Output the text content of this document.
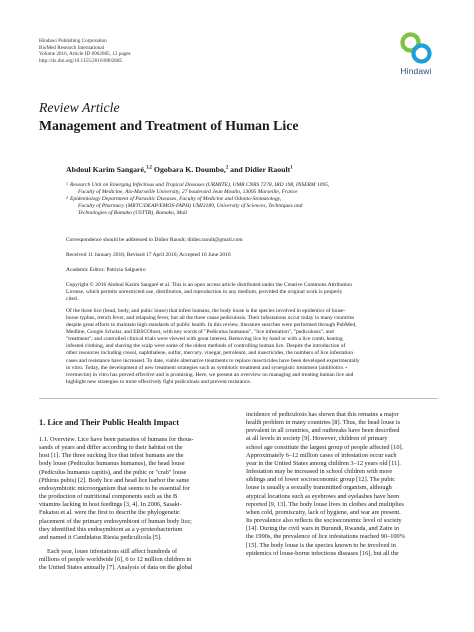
Hindawi Publishing Corporation
BioMed Research International
Volume 2016, Article ID 8962685, 12 pages
http://dx.doi.org/10.1155/2016/8962685
Hindawi
Review Article
Management and Treatment of Human Lice
Abdoul Karim Sangaré,$^{1,2}$ Ogobara K. Doumbo,$^2$ and Didier Raoult$^1$
1 Research Unit on Emerging Infectious and Tropical Diseases (URMITE), UMR CNRS 7278, IRD 198, INSERM 1095,
Faculty of Medicine, Aix-Marseille University, 27 boulevard Jean Moulin, 13005 Marseille, France
2 Epidemiology Department of Parasitic Diseases, Faculty of Medicine and Odonto-Stomatology,
Faculty of Pharmacy (MRTC/DEAP/EMOS-FAPH) UMI3189, University of Sciences, Techniques and
Technologies of Bamako (USTTB), Bamako, Mali
Correspondence should be addressed to Didier Raoult; didier.raoult@gmail.com
Received 11 January 2016; Revised 17 April 2016; Accepted 16 June 2016
Academic Editor: Patricia Salgueiro
Copyright © 2016 Abdoul Karim Sangaré et al. This is an open access article distributed under the Creative Commons Attribution
License, which permits unrestricted use, distribution, and reproduction in any medium, provided the original work is properly
cited.
Of the three lice (head, body, and pubic louse) that infest humans, the body louse is the species involved in epidemics of louse-
borne typhus, trench fever, and relapsing fever, but all the three cause pediculosis. Their infestations occur today in many countries
despite great efforts to maintain high standards of public health. In this review, literature searches were performed through PubMed,
Medline, Google Scholar, and EBSCOhost, with key words of "Pediculus humanus", "lice infestation", "pediculosis", and
"treatment"; and controlled clinical trials were viewed with great interest. Removing lice by hand or with a lice comb, heating
infested clothing, and shaving the scalp were some of the oldest methods of controlling human lice. Despite the introduction of
other resources including cresol, naphthalene, sulfur, mercury, vinegar, petroleum, and insecticides, the numbers of lice infestation
cases and resistance have increased. To date, viable alternative treatments to replace insecticides have been developed experimentally
in vitro. Today, the development of new treatment strategies such as symbiotic treatment and synergistic treatment (antibiotics +
ivermectin) in vitro has proved effective and is promising. Here, we present an overview on managing and treating human lice and
highlight new strategies to more effectively fight pediculosis and prevent resistance.
1. Lice and Their Public Health Impact
1.1. Overview. Lice have been parasites of humans for thous-
sands of years and differ according to their habitat on the
host [1]. The three sucking lice that infest humans are the
body louse (Pediculus humanus humanus), the head louse
(Pediculus humanus capitis), and the pubic or "crab" louse
(Pthirus pubis) [2]. Body lice and head lice harbor the same
endosymbiotic microorganism that seems to be essential for
the production of nutritional components such as the B
vitamins lacking in host feedings [3, 4]. In 2006, Sasaki-
Fukatsu et al. were the first to describe the phylogenetic
placement of the primary endosymbiont of human body lice;
they identified this endosymbiont as a γ-proteobacterium
and named it Candidatus Riesia pediculicola [5].
Each year, louse infestations still affect hundreds of
millions of people worldwide [6], 6 to 12 million children in
the United States annually [7]. Analysis of data on the global
incidence of pediculosis has shown that this remains a major
health problem in many countries [8]. Thus, the head louse is
prevalent in all countries, and outbreaks have been described
at all levels in society [9]. However, children of primary
school age constitute the largest group of people affected [10].
Approximately 6–12 million cases of infestation occur each
year in the United States among children 3–12 years old [11].
Infestation may be increased in school children with more
siblings and of lower socioeconomic group [12]. The pubic
louse is usually a sexually transmitted organism, although
atypical locations such as eyebrows and eyelashes have been
reported [9, 13]. The body louse lives in clothes and multiplies
when cold, promiscuity, lack of hygiene, and war are present.
Its prevalence also reflects the socioeconomic level of society
[14]. During the civil wars in Burundi, Rwanda, and Zaire in
the 1990s, the prevalence of lice infestations reached 90–100%
[15]. The body louse is the species known to be involved in
epidemics of louse-borne infectious diseases [16], but all the
